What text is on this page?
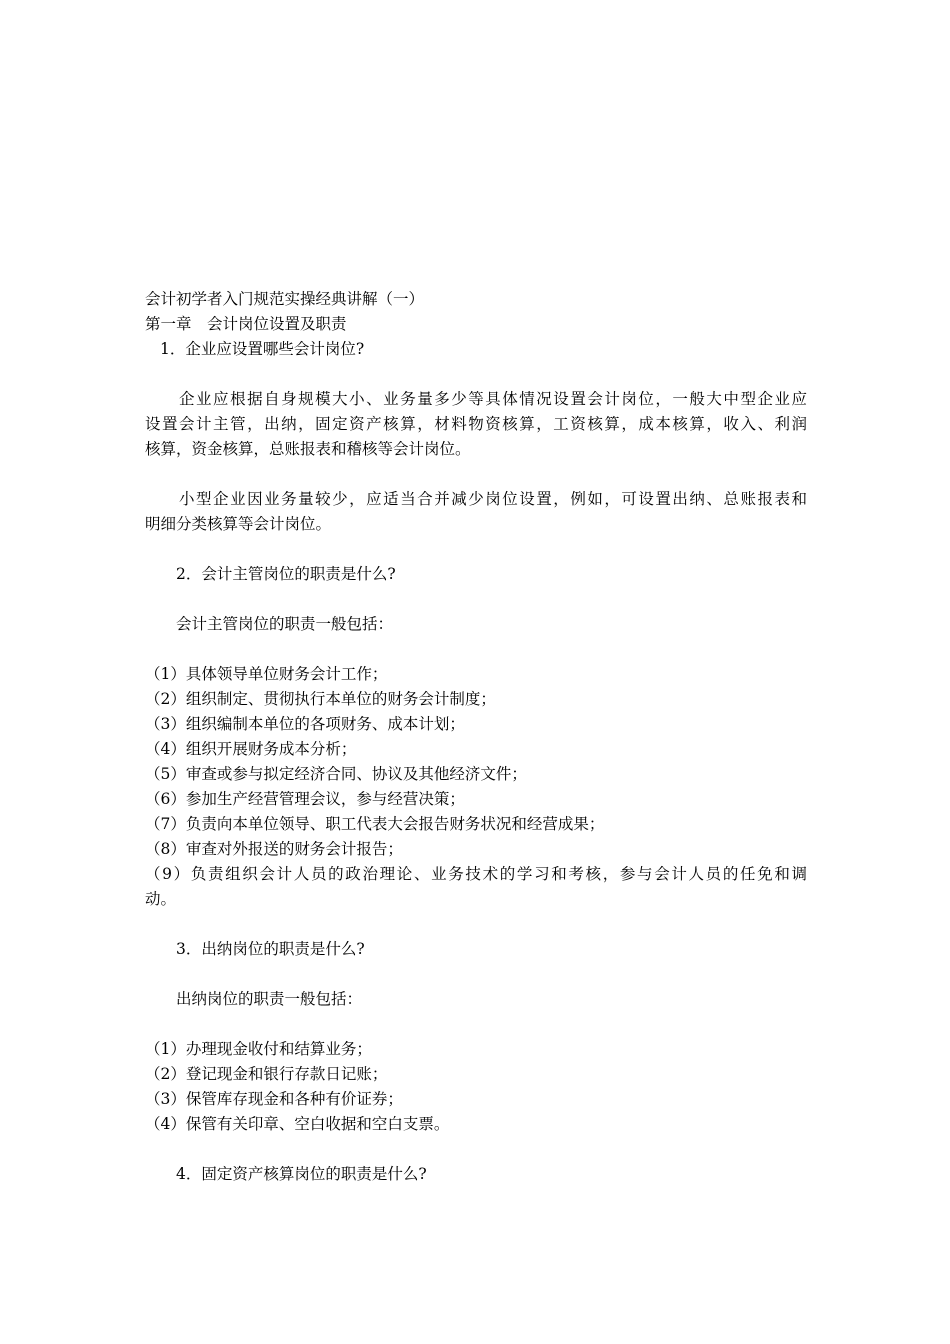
会计初学者入门规范实操经典讲解（一）
第一章　会计岗位设置及职责
1．企业应设置哪些会计岗位?
　　企业应根据自身规模大小、业务量多少等具体情况设置会计岗位，一般大中型企业应
设置会计主管，出纳，固定资产核算，材料物资核算，工资核算，成本核算，收入、利润
核算，资金核算，总账报表和稽核等会计岗位。
　　小型企业因业务量较少，应适当合并减少岗位设置，例如，可设置出纳、总账报表和
明细分类核算等会计岗位。
2．会计主管岗位的职责是什么?
　　会计主管岗位的职责一般包括：
（1）具体领导单位财务会计工作；
（2）组织制定、贯彻执行本单位的财务会计制度；
（3）组织编制本单位的各项财务、成本计划；
（4）组织开展财务成本分析；
（5）审查或参与拟定经济合同、协议及其他经济文件；
（6）参加生产经营管理会议，参与经营决策；
（7）负责向本单位领导、职工代表大会报告财务状况和经营成果；
（8）审查对外报送的财务会计报告；
（9）负责组织会计人员的政治理论、业务技术的学习和考核，参与会计人员的任免和调
动。
3．出纳岗位的职责是什么?
　　出纳岗位的职责一般包括：
（1）办理现金收付和结算业务；
（2）登记现金和银行存款日记账；
（3）保管库存现金和各种有价证券；
（4）保管有关印章、空白收据和空白支票。
4．固定资产核算岗位的职责是什么?
